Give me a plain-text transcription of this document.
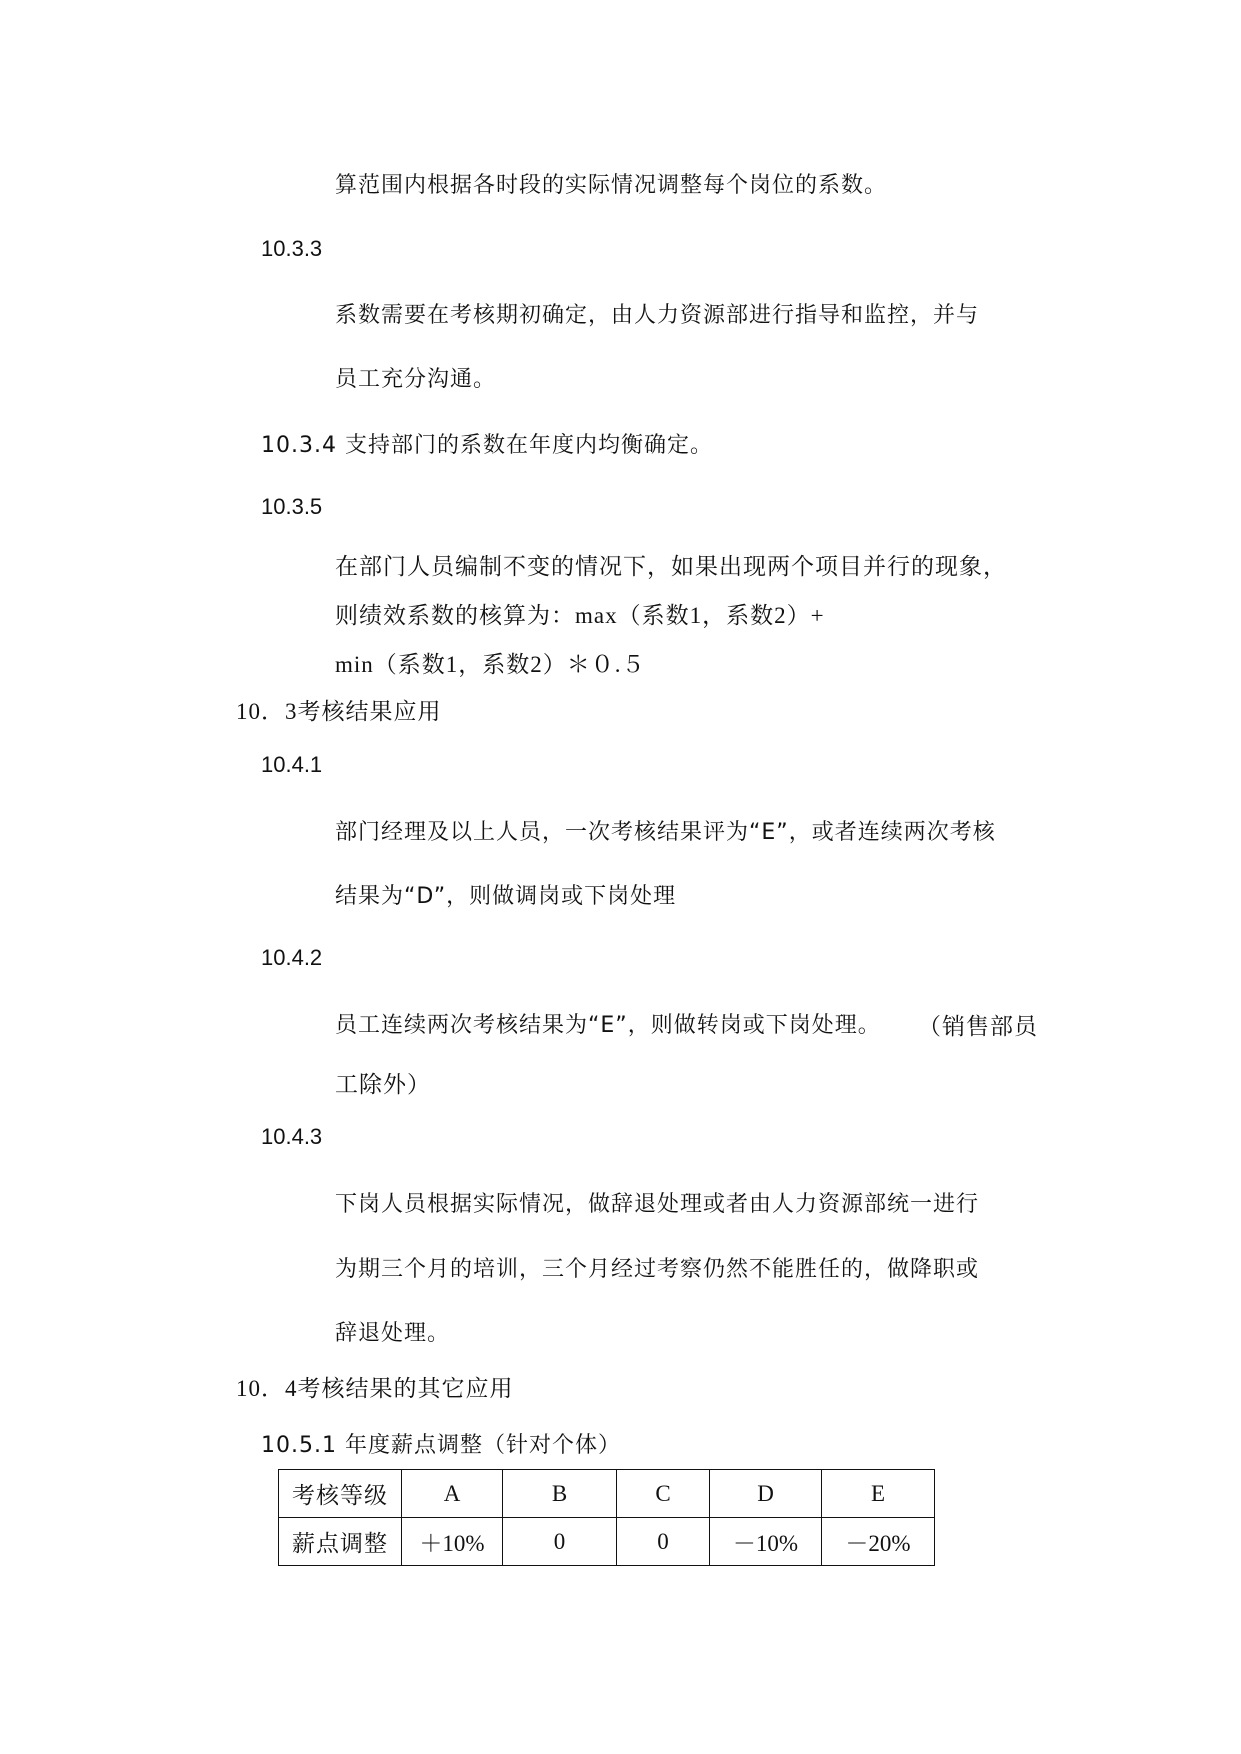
算范围内根据各时段的实际情况调整每个岗位的系数。

10.3.3

系数需要在考核期初确定，由人力资源部进行指导和监控，并与

员工充分沟通。

10.3.4 支持部门的系数在年度内均衡确定。

10.3.5

在部门人员编制不变的情况下，如果出现两个项目并行的现象，

则绩效系数的核算为：max（系数1，系数2）+

min（系数1，系数2）＊０.５

10．3考核结果应用

10.4.1

部门经理及以上人员，一次考核结果评为“E”，或者连续两次考核

结果为“D”，则做调岗或下岗处理

10.4.2

员工连续两次考核结果为“E”，则做转岗或下岗处理。 （销售部员

工除外）

10.4.3

下岗人员根据实际情况，做辞退处理或者由人力资源部统一进行

为期三个月的培训，三个月经过考察仍然不能胜任的，做降职或

辞退处理。

10．4考核结果的其它应用

10.5.1 年度薪点调整（针对个体）

考核等级	A	B	C	D	E
薪点调整	＋10%	0	0	－10%	－20%
